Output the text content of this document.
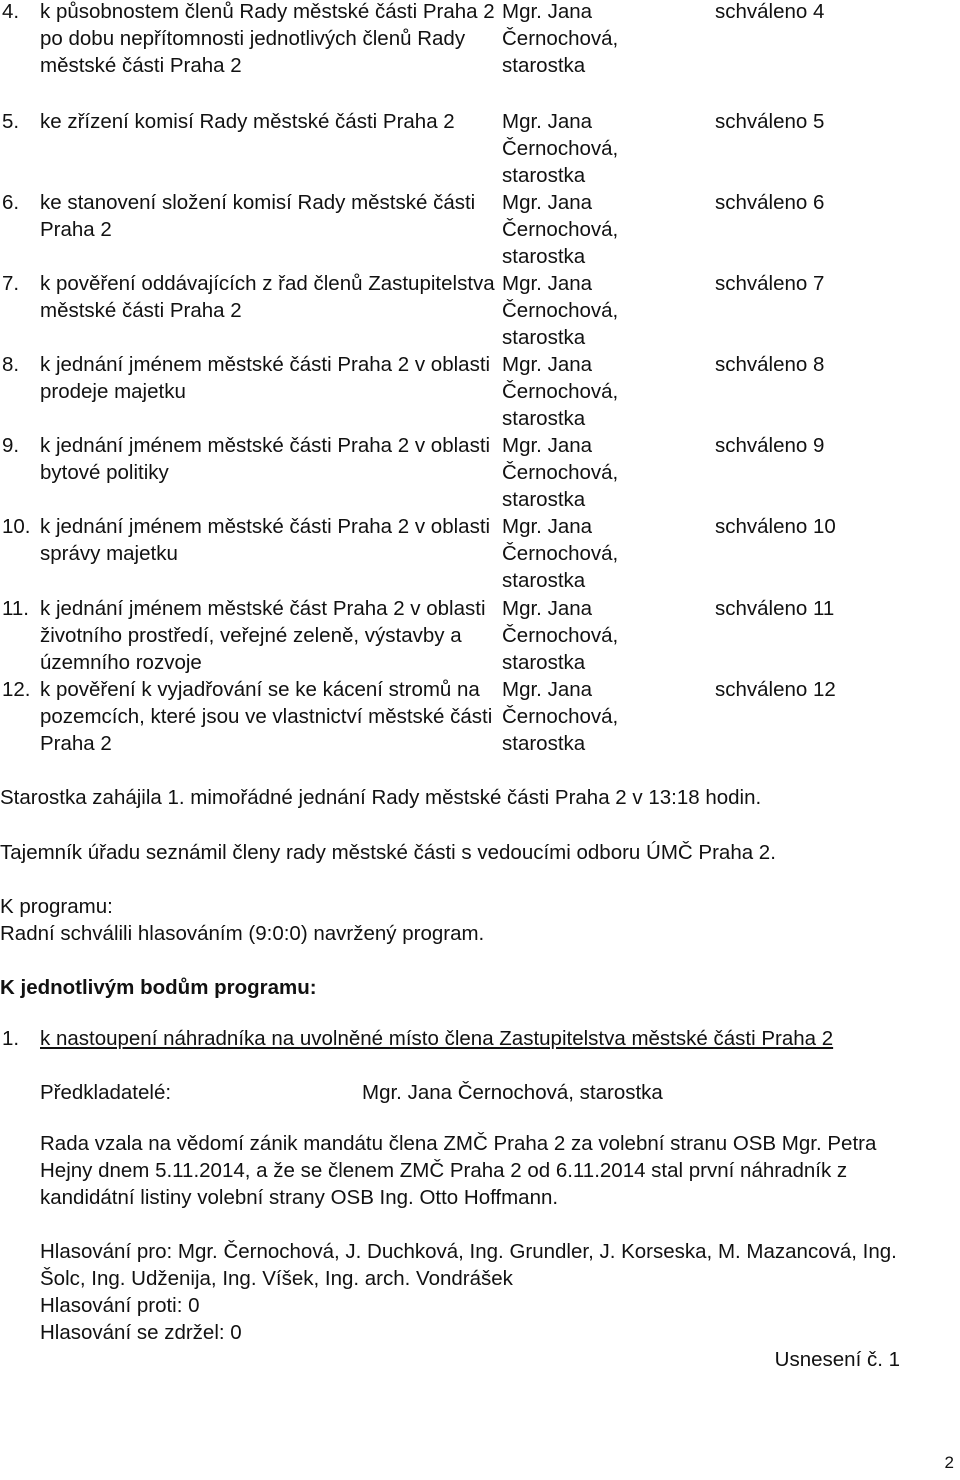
4. k působnostem členů Rady městské části Praha 2 po dobu nepřítomnosti jednotlivých členů Rady městské části Praha 2
Mgr. Jana
Černochová,
starostka
schváleno 4
5. ke zřízení komisí Rady městské části Praha 2	Mgr. Jana
Černochová,
starostka
schváleno 5
6. ke stanovení složení komisí Rady městské části Praha 2
Mgr. Jana
Černochová,
starostka
schváleno 6
7. k pověření oddávajících z řad členů Zastupitelstva městské části Praha 2
Mgr. Jana
Černochová,
starostka
schváleno 7
8. k jednání jménem městské části Praha 2 v oblasti prodeje majetku
Mgr. Jana
Černochová,
starostka
schváleno 8
9. k jednání jménem městské části Praha 2 v oblasti bytové politiky
Mgr. Jana
Černochová,
starostka
schváleno 9
10. k jednání jménem městské části Praha 2 v oblasti správy majetku
Mgr. Jana
Černochová,
starostka
schváleno 10
11. k jednání jménem městské část Praha 2 v oblasti životního prostředí, veřejné zeleně, výstavby a územního rozvoje
Mgr. Jana
Černochová,
starostka
schváleno 11
12. k pověření k vyjadřování se ke kácení stromů na pozemcích, které jsou ve vlastnictví městské části Praha 2
Mgr. Jana
Černochová,
starostka
schváleno 12

Starostka zahájila 1. mimořádné jednání Rady městské části Praha 2 v 13:18 hodin.

Tajemník úřadu seznámil členy rady městské části s vedoucími odboru ÚMČ Praha 2.

K programu:

Radní schválili hlasováním (9:0:0) navržený program.

K jednotlivým bodům programu:

1. k nastoupení náhradníka na uvolněné místo člena Zastupitelstva městské části Praha 2

Předkladatelé:	Mgr. Jana Černochová, starostka

Rada vzala na vědomí zánik mandátu člena ZMČ Praha 2 za volební stranu OSB Mgr. Petra Hejny dnem 5.11.2014, a že se členem ZMČ Praha 2 od 6.11.2014 stal první náhradník z kandidátní listiny volební strany OSB Ing. Otto Hoffmann.

Hlasování pro: Mgr. Černochová, J. Duchková, Ing. Grundler, J. Korseska, M. Mazancová, Ing. Šolc, Ing. Udženija, Ing. Víšek, Ing. arch. Vondrášek

Hlasování proti: 0

Hlasování se zdržel: 0

Usnesení č. 1
2
